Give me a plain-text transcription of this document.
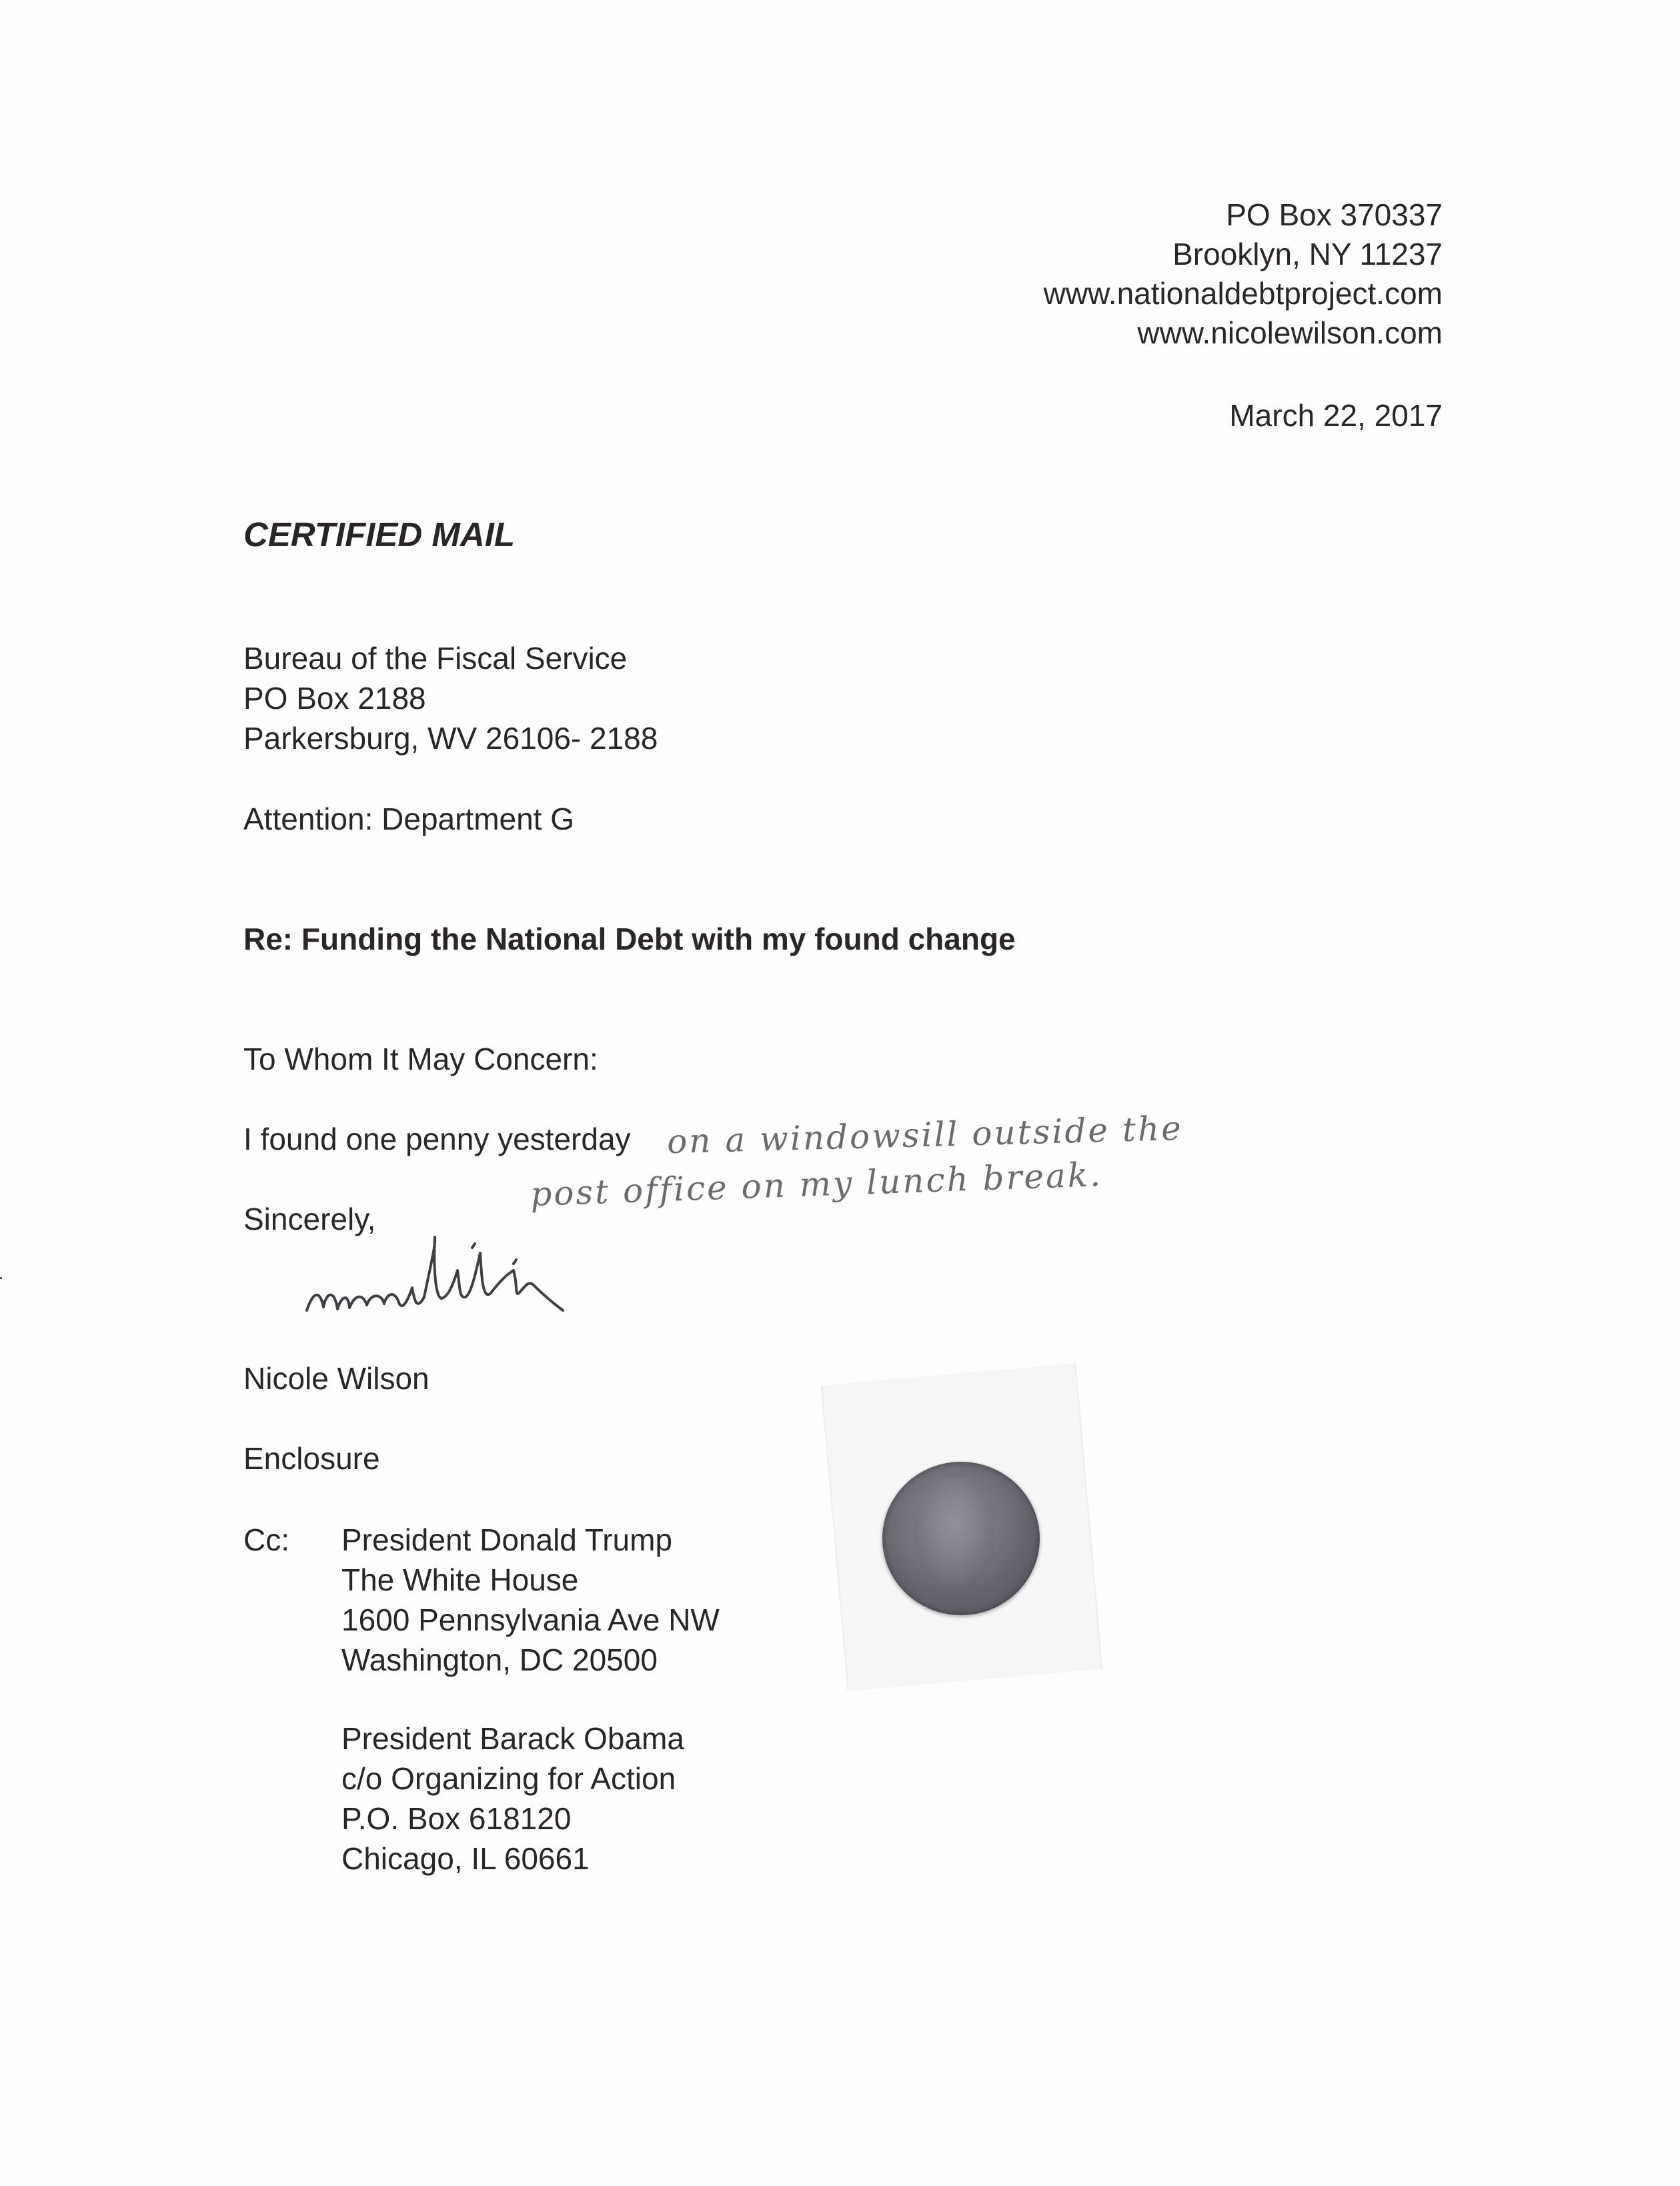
PO Box 370337
Brooklyn, NY 11237
www.nationaldebtproject.com
www.nicolewilson.com
March 22, 2017
CERTIFIED MAIL
Bureau of the Fiscal Service
PO Box 2188
Parkersburg, WV 26106- 2188
Attention: Department G
Re: Funding the National Debt with my found change
To Whom It May Concern:
I found one penny yesterday on a windowsill outside the
post office on my lunch break.
Sincerely,
Nicole Wilson
Enclosure
Cc: President Donald Trump
The White House
1600 Pennsylvania Ave NW
Washington, DC 20500
President Barack Obama
c/o Organizing for Action
P.O. Box 618120
Chicago, IL 60661
